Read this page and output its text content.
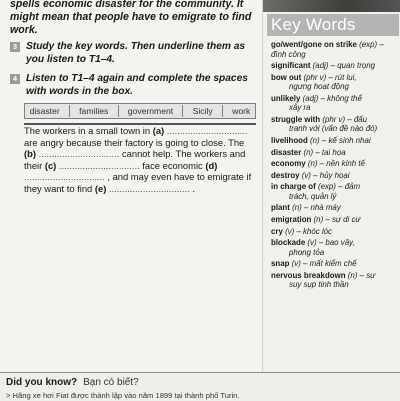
spells economic disaster for the community. It might mean that people have to emigrate to find work.
3 Study the key words. Then underline them as you listen to T1–4.
4 Listen to T1–4 again and complete the spaces with words in the box.
disaster families government Sicily work
The workers in a small town in (a) ............................... are angry because their factory is going to close. The (b) ............................... cannot help. The workers and their (c) ............................... face economic (d) ............................... , and may even have to emigrate if they want to find (e) ............................... .
Key Words
go/went/gone on strike (exp) – đình công
significant (adj) – quan trọng
bow out (phr v) – rút lui,
ngưng hoạt động
unlikely (adj) – không thể
xảy ra
struggle with (phr v) – đấu
tranh với (vấn đề nào đó)
livelihood (n) – kế sinh nhai
disaster (n) – tai họa
economy (n) – nền kinh tế
destroy (v) – hủy hoại
in charge of (exp) – đảm
trách, quản lý
plant (n) – nhà máy
emigration (n) – sự di cư
cry (v) – khóc lóc
blockade (v) – bao vây,
phong tỏa
snap (v) – mất kiểm chế
nervous breakdown (n) – sự
suy sụp tinh thần
Did you know? Bạn có biết?
> Hãng xe hơi Fiat được thành lập vào năm 1899 tại thành phố Turin.
